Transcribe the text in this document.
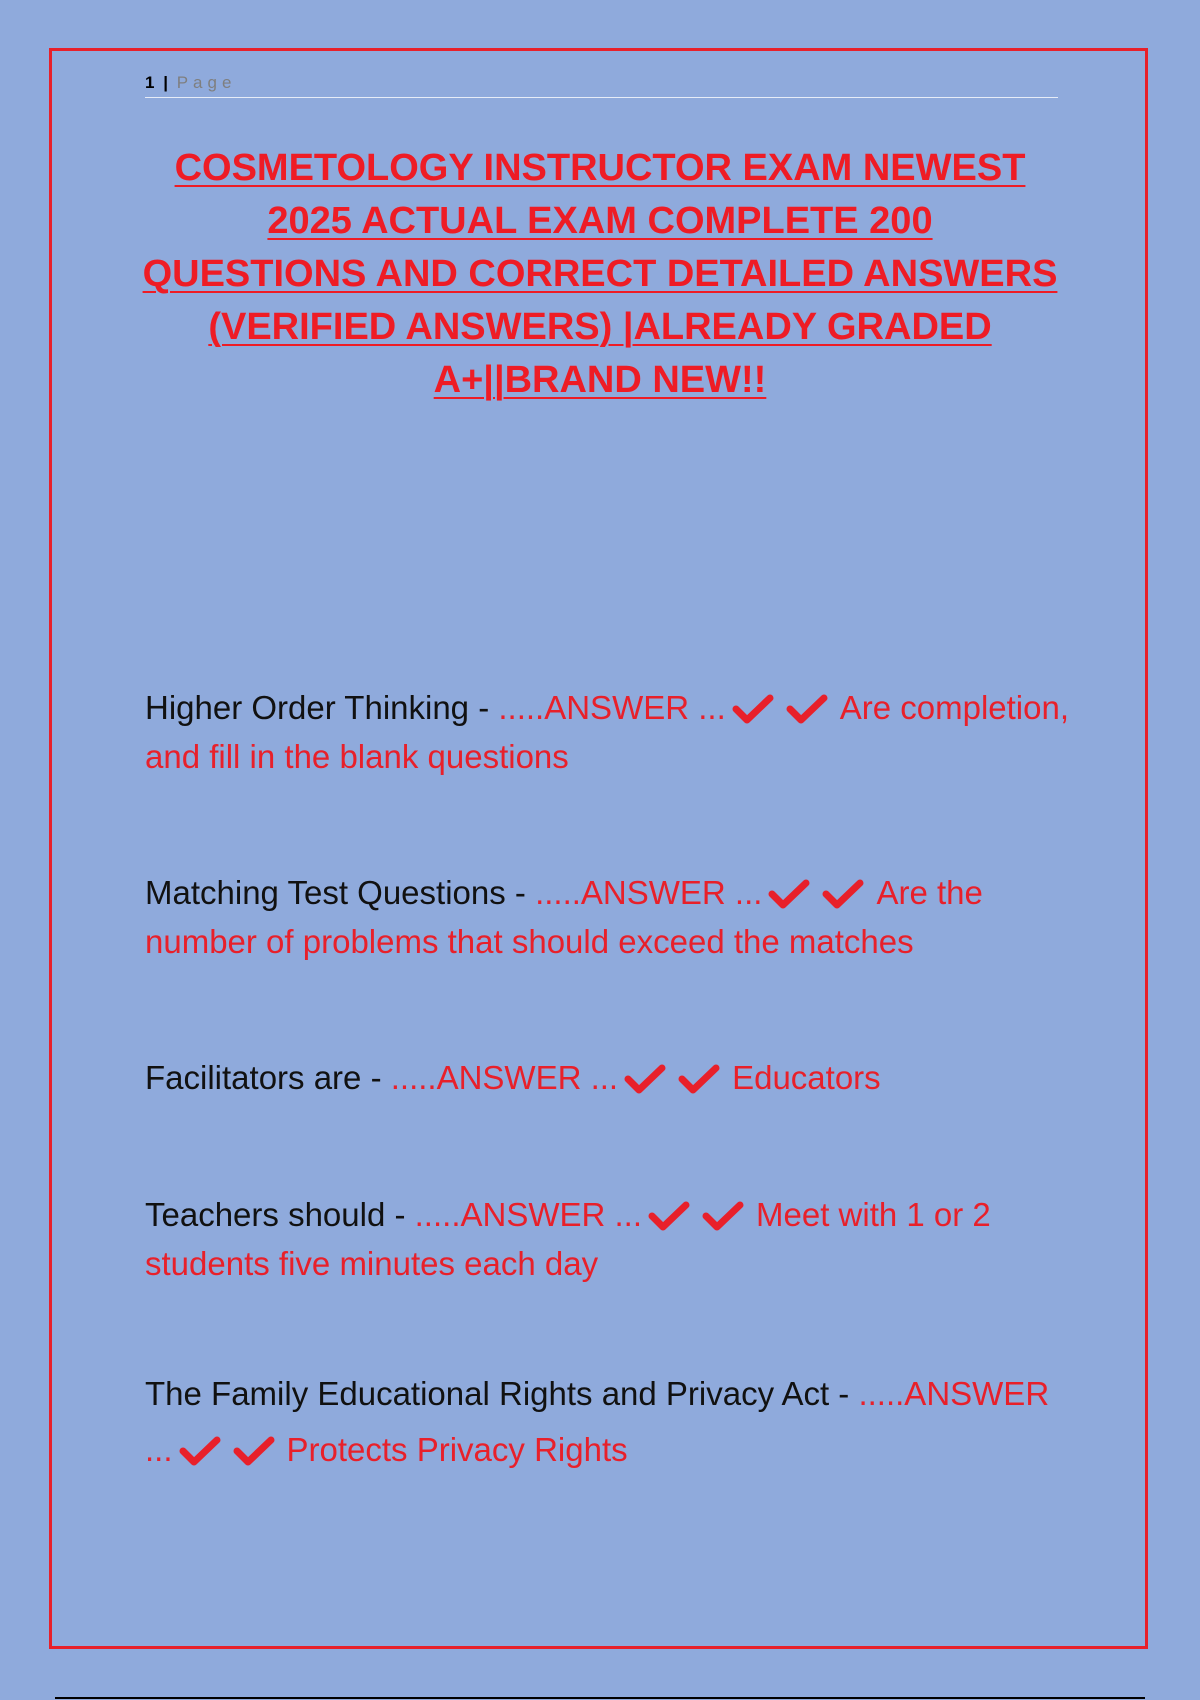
1 | Page
COSMETOLOGY INSTRUCTOR EXAM NEWEST
2025 ACTUAL EXAM COMPLETE 200
QUESTIONS AND CORRECT DETAILED ANSWERS
(VERIFIED ANSWERS) |ALREADY GRADED
A+||BRAND NEW!!
Higher Order Thinking - .....ANSWER ...	Are completion, and fill in the blank questions
Matching Test Questions - .....ANSWER ...	Are the number of problems that should exceed the matches
Facilitators are - .....ANSWER ...	Educators
Teachers should - .....ANSWER ...	Meet with 1 or 2 students five minutes each day
The Family Educational Rights and Privacy Act - .....ANSWER ...	Protects Privacy Rights
